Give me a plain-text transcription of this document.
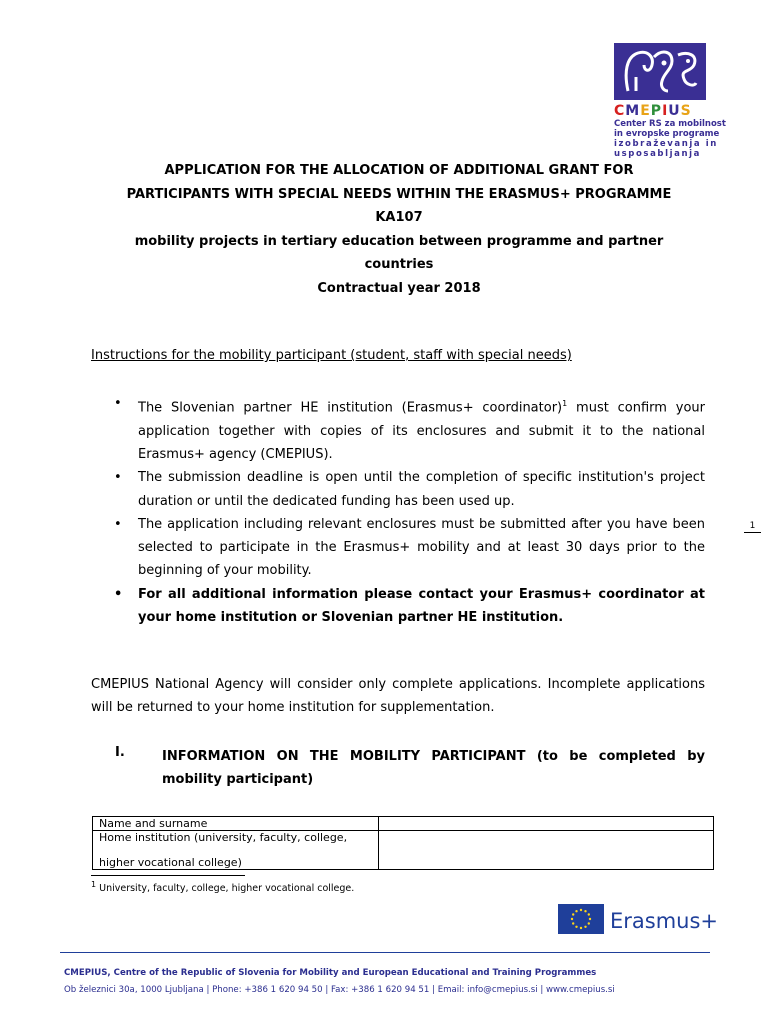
CMEPIUS
Center RS za mobilnost
in evropske programe
izobraževanja in
usposabljanja
APPLICATION FOR THE ALLOCATION OF ADDITIONAL GRANT FOR
PARTICIPANTS WITH SPECIAL NEEDS WITHIN THE ERASMUS+ PROGRAMME
KA107
mobility projects in tertiary education between programme and partner
countries
Contractual year 2018
Instructions for the mobility participant (student, staff with special needs)
• The Slovenian partner HE institution (Erasmus+ coordinator)$^1$ must confirm your application together with copies of its enclosures and submit it to the national Erasmus+ agency (CMEPIUS).
• The submission deadline is open until the completion of specific institution's project duration or until the dedicated funding has been used up.
• The application including relevant enclosures must be submitted after you have been selected to participate in the Erasmus+ mobility and at least 30 days prior to the beginning of your mobility.
• For all additional information please contact your Erasmus+ coordinator at your home institution or Slovenian partner HE institution.
1
CMEPIUS National Agency will consider only complete applications. Incomplete applications will be returned to your home institution for supplementation.
I.	INFORMATION ON THE MOBILITY PARTICIPANT (to be completed by mobility participant)
Name and surname	

Home institution (university, faculty, college,
higher vocational college)	

$^1$ University, faculty, college, higher vocational college.
Erasmus+
CMEPIUS, Centre of the Republic of Slovenia for Mobility and European Educational and Training Programmes
Ob železnici 30a, 1000 Ljubljana | Phone: +386 1 620 94 50 | Fax: +386 1 620 94 51 | Email: info@cmepius.si | www.cmepius.si
